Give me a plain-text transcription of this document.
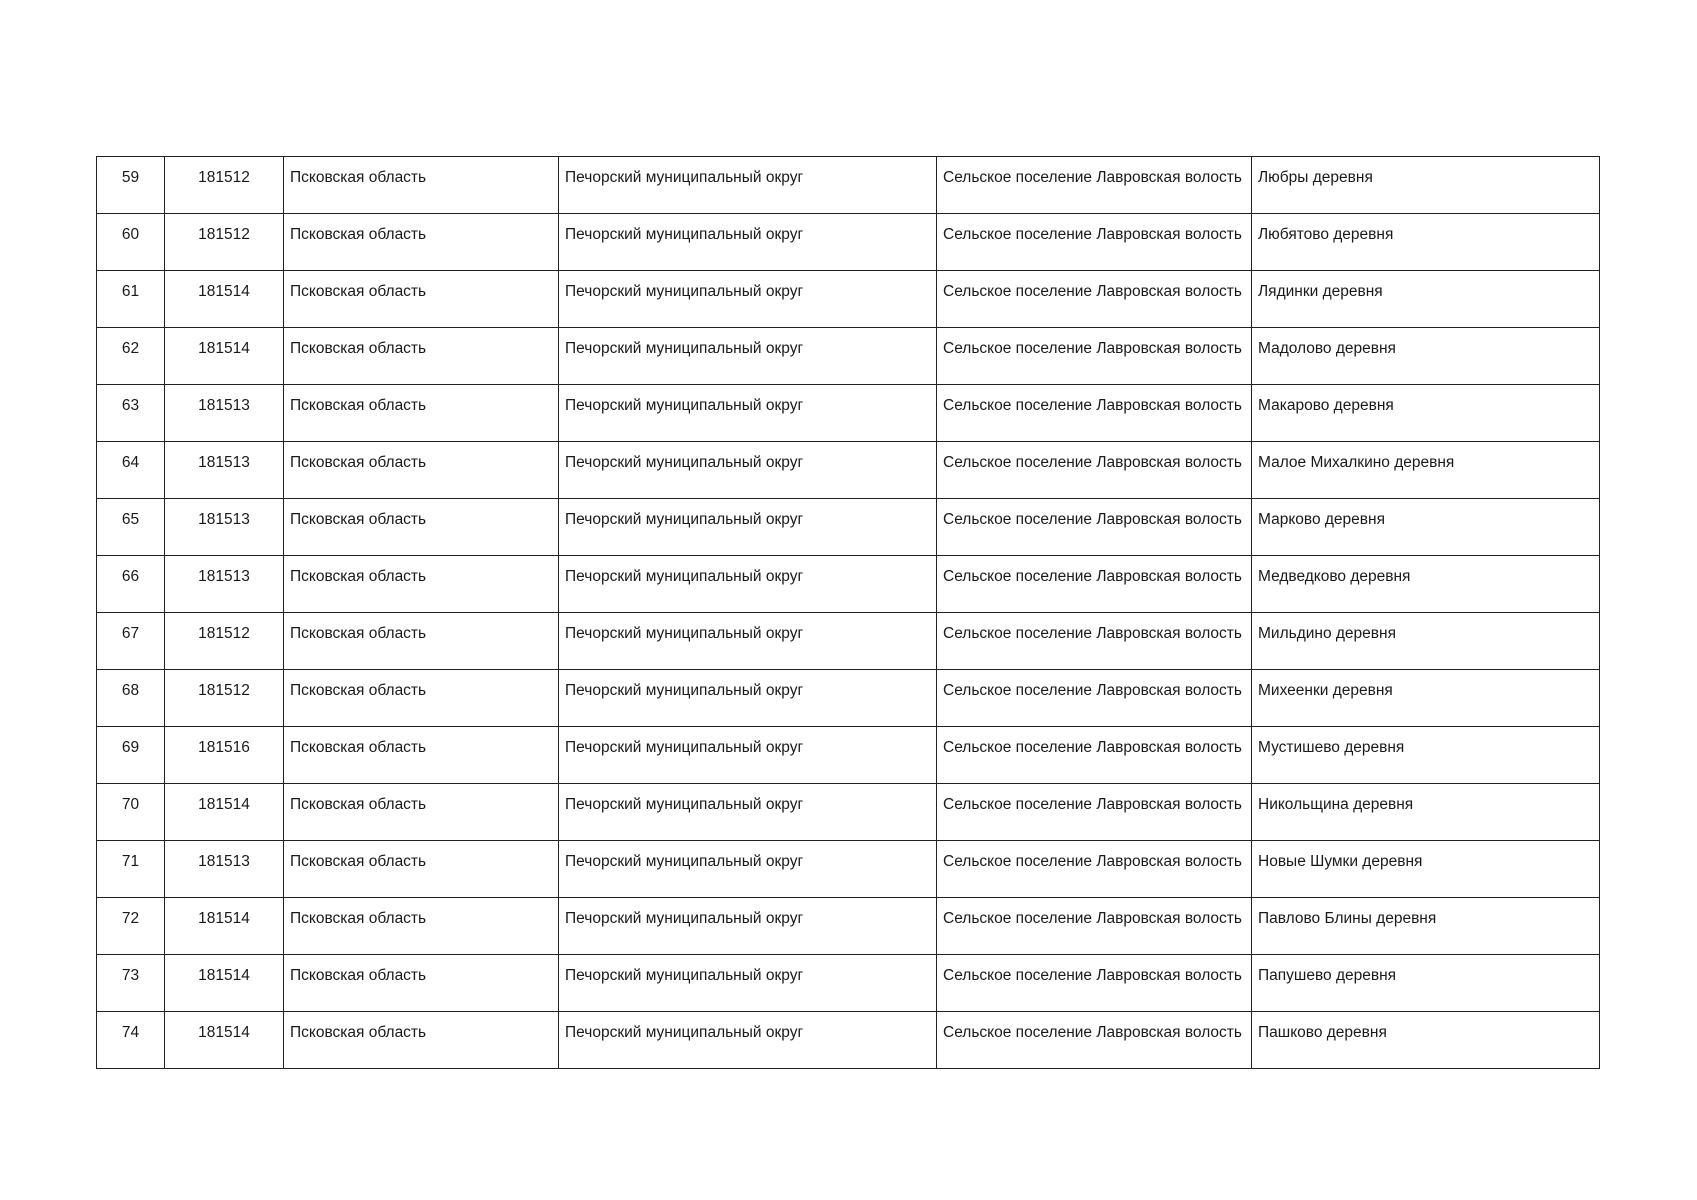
59	181512	Псковская область	Печорский муниципальный округ	Сельское поселение Лавровская волость	Любры деревня
60	181512	Псковская область	Печорский муниципальный округ	Сельское поселение Лавровская волость	Любятово деревня
61	181514	Псковская область	Печорский муниципальный округ	Сельское поселение Лавровская волость	Лядинки деревня
62	181514	Псковская область	Печорский муниципальный округ	Сельское поселение Лавровская волость	Мадолово деревня
63	181513	Псковская область	Печорский муниципальный округ	Сельское поселение Лавровская волость	Макарово деревня
64	181513	Псковская область	Печорский муниципальный округ	Сельское поселение Лавровская волость	Малое Михалкино деревня
65	181513	Псковская область	Печорский муниципальный округ	Сельское поселение Лавровская волость	Марково деревня
66	181513	Псковская область	Печорский муниципальный округ	Сельское поселение Лавровская волость	Медведково деревня
67	181512	Псковская область	Печорский муниципальный округ	Сельское поселение Лавровская волость	Мильдино деревня
68	181512	Псковская область	Печорский муниципальный округ	Сельское поселение Лавровская волость	Михеенки деревня
69	181516	Псковская область	Печорский муниципальный округ	Сельское поселение Лавровская волость	Мустишево деревня
70	181514	Псковская область	Печорский муниципальный округ	Сельское поселение Лавровская волость	Никольщина деревня
71	181513	Псковская область	Печорский муниципальный округ	Сельское поселение Лавровская волость	Новые Шумки деревня
72	181514	Псковская область	Печорский муниципальный округ	Сельское поселение Лавровская волость	Павлово Блины деревня
73	181514	Псковская область	Печорский муниципальный округ	Сельское поселение Лавровская волость	Папушево деревня
74	181514	Псковская область	Печорский муниципальный округ	Сельское поселение Лавровская волость	Пашково деревня
